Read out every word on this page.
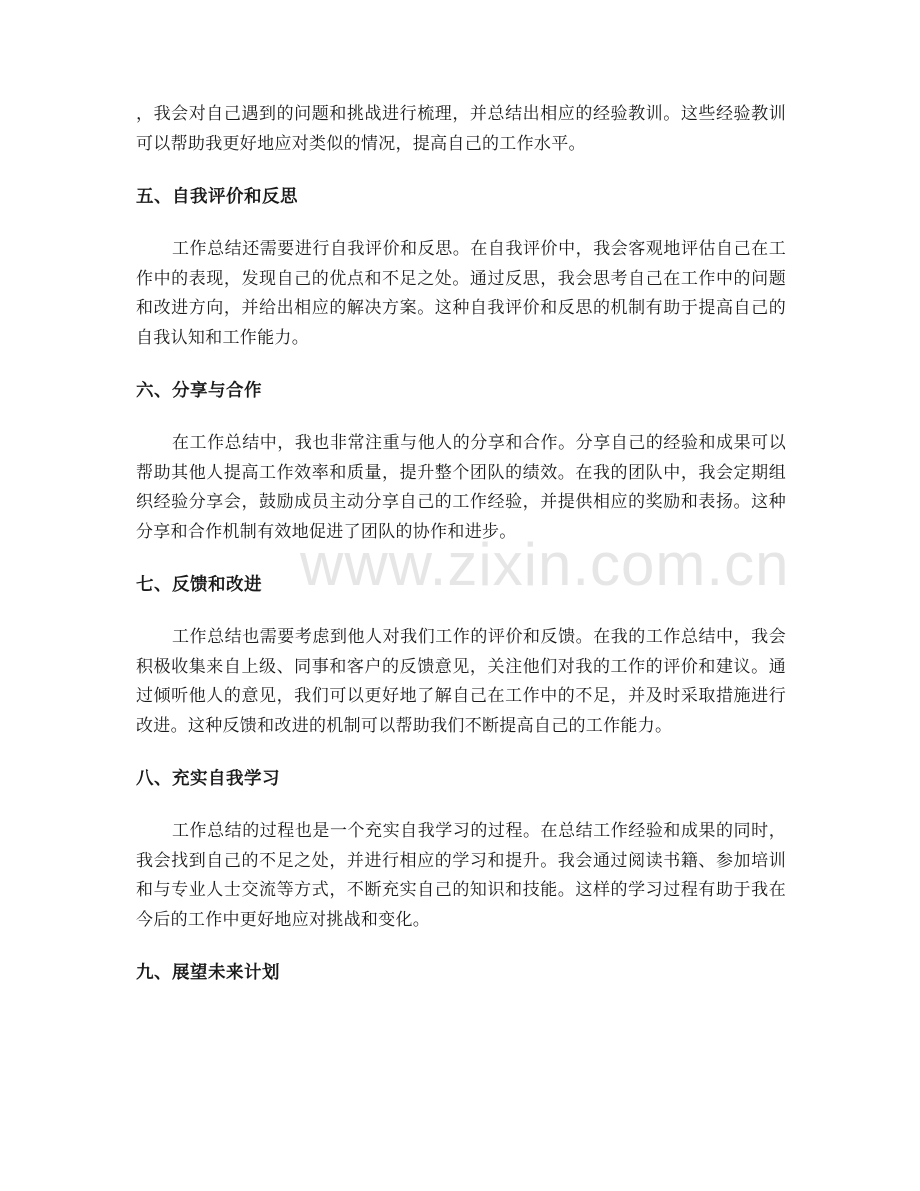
，我会对自己遇到的问题和挑战进行梳理，并总结出相应的经验教训。这些经验教训可以帮助我更好地应对类似的情况，提高自己的工作水平。

五、自我评价和反思

工作总结还需要进行自我评价和反思。在自我评价中，我会客观地评估自己在工作中的表现，发现自己的优点和不足之处。通过反思，我会思考自己在工作中的问题和改进方向，并给出相应的解决方案。这种自我评价和反思的机制有助于提高自己的自我认知和工作能力。

六、分享与合作

在工作总结中，我也非常注重与他人的分享和合作。分享自己的经验和成果可以帮助其他人提高工作效率和质量，提升整个团队的绩效。在我的团队中，我会定期组织经验分享会，鼓励成员主动分享自己的工作经验，并提供相应的奖励和表扬。这种分享和合作机制有效地促进了团队的协作和进步。

七、反馈和改进

工作总结也需要考虑到他人对我们工作的评价和反馈。在我的工作总结中，我会积极收集来自上级、同事和客户的反馈意见，关注他们对我的工作的评价和建议。通过倾听他人的意见，我们可以更好地了解自己在工作中的不足，并及时采取措施进行改进。这种反馈和改进的机制可以帮助我们不断提高自己的工作能力。

八、充实自我学习

工作总结的过程也是一个充实自我学习的过程。在总结工作经验和成果的同时，我会找到自己的不足之处，并进行相应的学习和提升。我会通过阅读书籍、参加培训和与专业人士交流等方式，不断充实自己的知识和技能。这样的学习过程有助于我在今后的工作中更好地应对挑战和变化。

九、展望未来计划
www.zixin.com.cn
